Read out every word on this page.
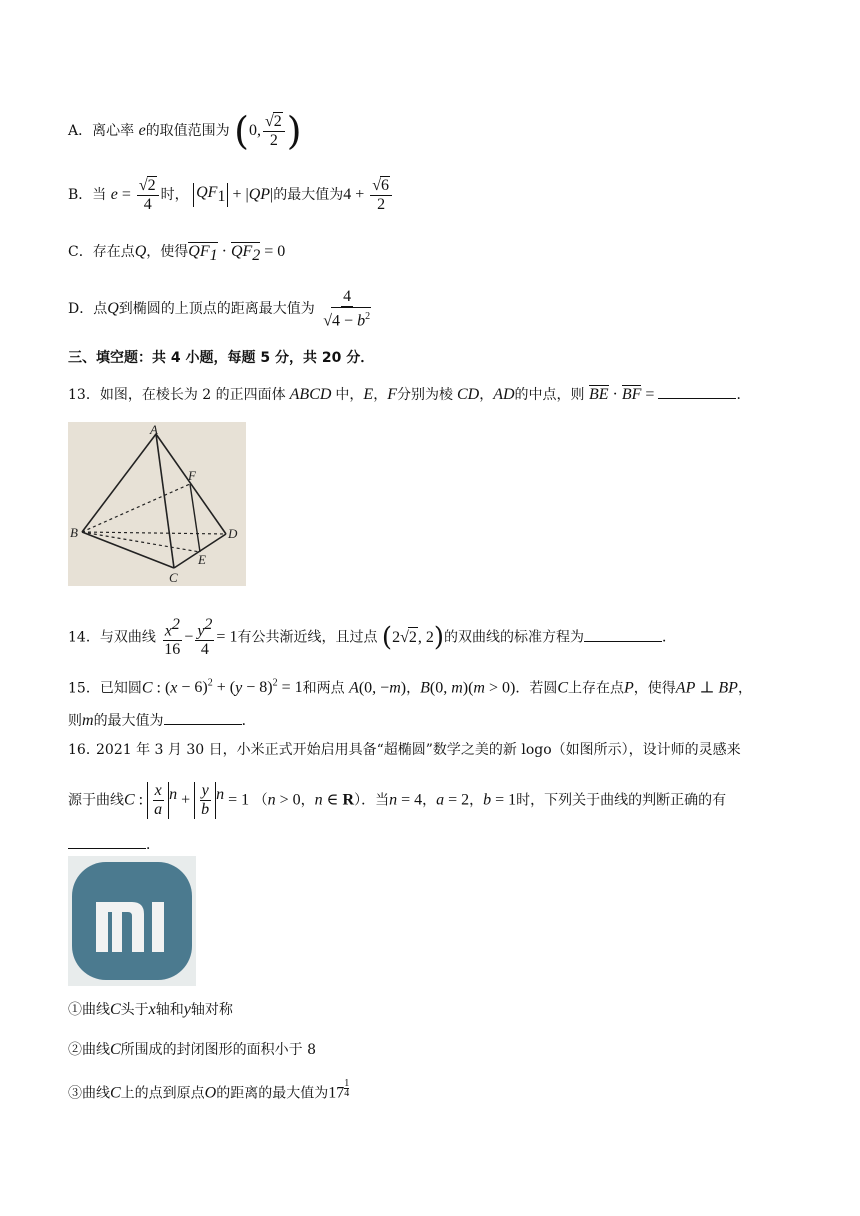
A．离心率 e的取值范围为 (0, $\frac{√2}{2}$ )
B．当 $e = \frac{√2}{4}$ 时， $QF_1 + |QP|$的最大值为$4 + \frac{√6}{2}$
C．存在点Q，使得$QF_1 \cdot QF_2 = 0$
D．点Q到椭圆的上顶点的距离最大值为 $\frac{4}{√4 - b^2}$
三、填空题：共 4 小题，每题 5 分，共 20 分．
13．如图，在棱长为 2 的正四面体 ABCD 中，E，F分别为棱 CD，AD的中点，则 BE · BF =	．
A
B
C
D
E
F
14．与双曲线 $\frac{x^2}{16} - \frac{y^2}{4} = 1$有公共渐近线，且过点 (2√2, 2)的双曲线的标准方程为	．
15．已知圆C : $(x - 6)^2 + (y - 8)^2 = 1$和两点 A(0, −m)，B(0, m)(m > 0)．若圆C上存在点P，使得AP ⊥ BP，
则m的最大值为	．
16．
2021 年 3 月 30 日，小米正式开始启用具备“超椭圆”数学之美的新 logo（如图所示），设计师的灵感来
源于曲线C : $\frac{x}{a} ^n + \frac{y}{b} ^n = 1$ （n > 0，n ∈ R）．当n = 4，a = 2，b = 1时，下列关于曲线的判断正确的有
．
①曲线C头于x轴和y轴对称
②曲线C所围成的封闭图形的面积小于 8
③曲线C上的点到原点O的距离的最大值为17 $^{\frac{1}{4}}$
